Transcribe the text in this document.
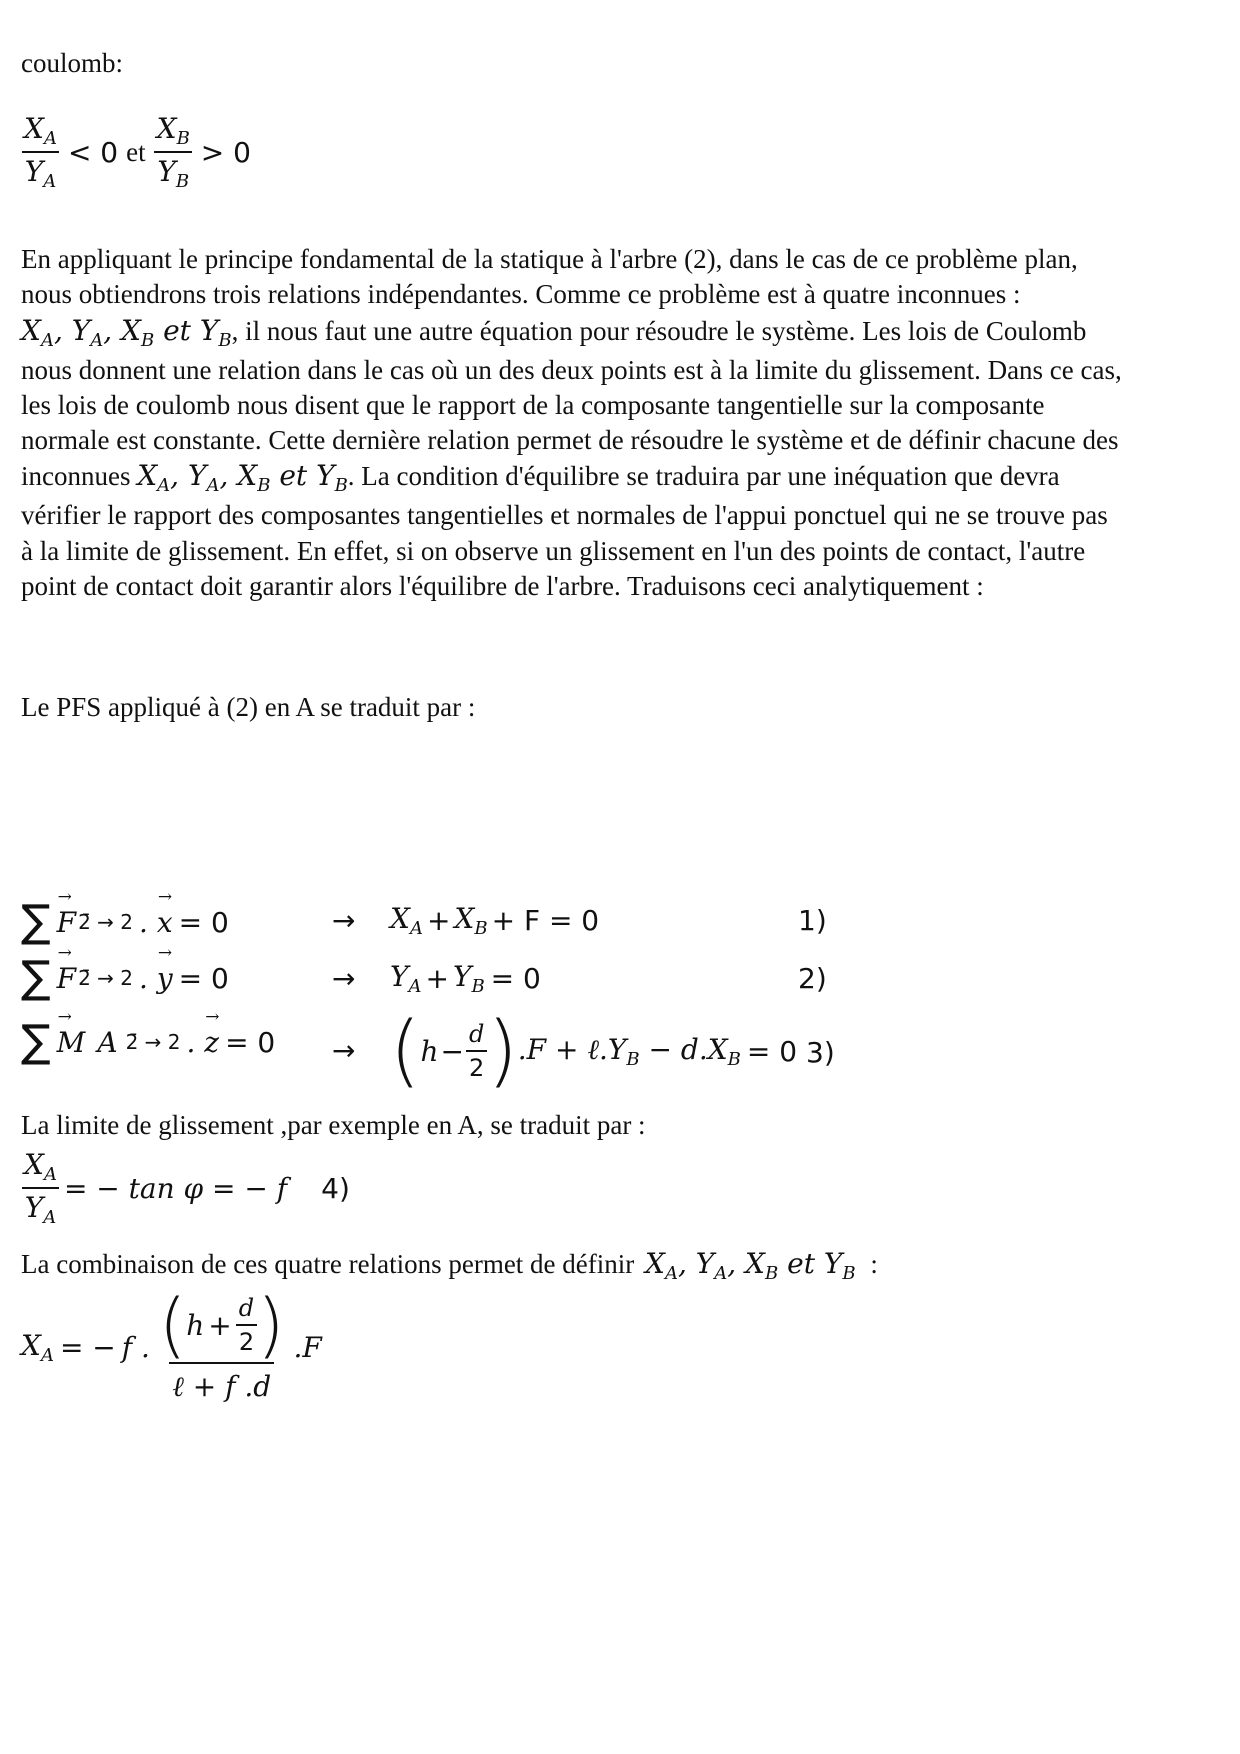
coulomb:
$\frac{X_A}{Y_A} < 0$ et $\frac{X_B}{Y_B} > 0$
En appliquant le principe fondamental de la statique à l'arbre (2), dans le cas de ce problème plan,
nous obtiendrons trois relations indépendantes. Comme ce problème est à quatre inconnues :
$X_A$, $Y_A$, $X_B$ et $Y_B$, il nous faut une autre équation pour résoudre le système. Les lois de Coulomb
nous donnent une relation dans le cas où un des deux points est à la limite du glissement. Dans ce cas,
les lois de coulomb nous disent que le rapport de la composante tangentielle sur la composante
normale est constante. Cette dernière relation permet de résoudre le système et de définir chacune des
inconnues $X_A$, $Y_A$, $X_B$ et $Y_B$. La condition d'équilibre se traduira par une inéquation que devra
vérifier le rapport des composantes tangentielles et normales de l'appui ponctuel qui ne se trouve pas
à la limite de glissement. En effet, si on observe un glissement en l'un des points de contact, l'autre
point de contact doit garantir alors l'équilibre de l'arbre. Traduisons ceci analytiquement :
Le PFS appliqué à (2) en A se traduit par :
∑ → F 2̄ → 2 . → x = 0	→ $X_A + X_B + F = 0$	1)
∑ → F 2̄ → 2 . → y = 0	→ $Y_A + Y_B = 0$	2)
∑ → M A 2̄ → 2 . → z = 0 → ( $h - \frac{d}{2}$ ) $.F + \ell.Y_B - d.X_B = 0$ 3)
La limite de glissement ,par exemple en A, se traduit par :
$\frac{X_A}{Y_A}$ = − tan φ = − f 4)
La combinaison de ces quatre relations permet de définir $X_A$, $Y_A$, $X_B$ et $Y_B$ :
$X_A$ = − f . $\frac{( h + \frac{d}{2} )}{\text{ℓ + f .d}} .F$
